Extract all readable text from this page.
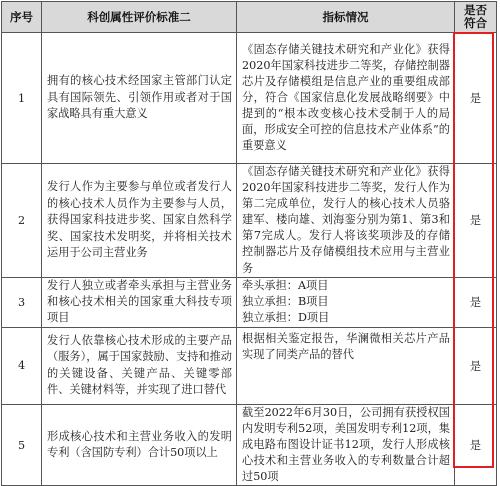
序号	科创属性评价标准二	指标情况	是否
符合

1	拥有的核心技术经国家主管部门认定具有国际领先、引领作用或者对于国家战略具有重大意义	《固态存储关键技术研究和产业化》获得2020年国家科技进步二等奖，存储控制器芯片及存储模组是信息产业的重要组成部分，符合《国家信息化发展战略纲要》中提到的“根本改变核心技术受制于人的局面，形成安全可控的信息技术产业体系”的重要意义	是
2	发行人作为主要参与单位或者发行人的核心技术人员作为主要参与人员，获得国家科技进步奖、国家自然科学奖、国家技术发明奖，并将相关技术运用于公司主营业务	《固态存储关键技术研究和产业化》获得2020年国家科技进步二等奖，发行人作为第二完成单位，发行人的核心技术人员骆建军、楼向雄、刘海銮分别为第1、第3和第7完成人。发行人将该奖项涉及的存储控制器芯片及存储模组技术应用与主营业务	是
3	发行人独立或者牵头承担与主营业务和核心技术相关的国家重大科技专项项目	牵头承担：A项目
独立承担：B项目
独立承担：D项目	是
4	发行人依靠核心技术形成的主要产品（服务），属于国家鼓励、支持和推动的关键设备、关键产品、关键零部件、关键材料等，并实现了进口替代	根据相关鉴定报告，华澜微相关芯片产品实现了同类产品的替代	是
5	形成核心技术和主营业务收入的发明专利（含国防专利）合计50项以上	截至2022年6月30日，公司拥有获授权国内发明专利52项，美国发明专利12项，集成电路布图设计证书12项，发行人形成核心技术和主营业务收入的专利数量合计超过50项	是
